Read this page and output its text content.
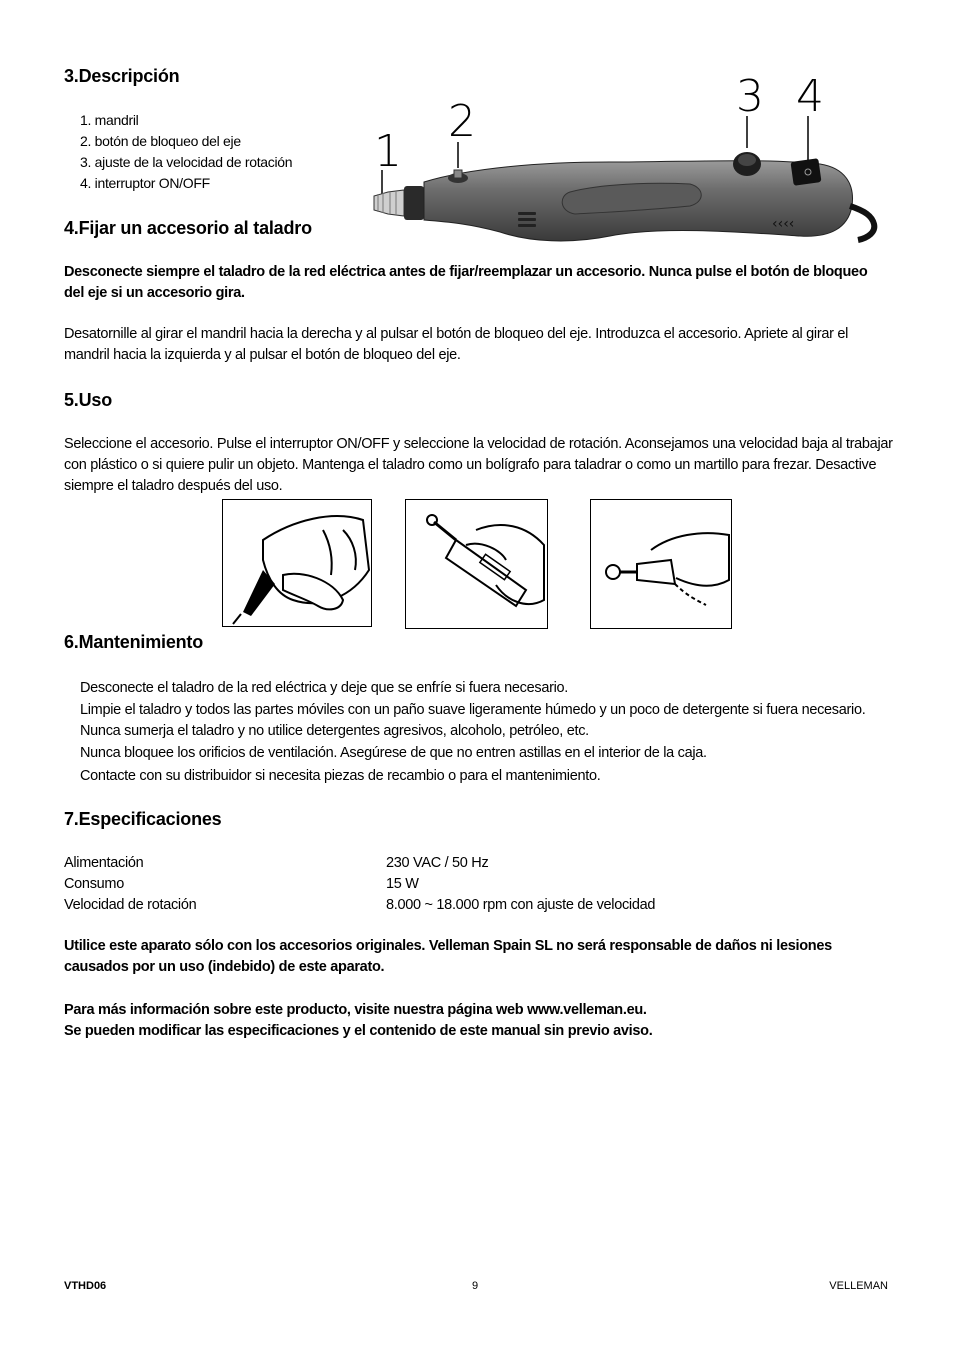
3.Descripción
1. mandril
2. botón de bloqueo del eje
3. ajuste de la velocidad de rotación
4. interruptor ON/OFF
1
2	3 4
‹‹‹‹
4.Fijar un accesorio al taladro
Desconecte siempre el taladro de la red eléctrica antes de fijar/reemplazar un accesorio. Nunca pulse el botón de bloqueo del eje si un accesorio gira.
Desatornille al girar el mandril hacia la derecha y al pulsar el botón de bloqueo del eje. Introduzca el accesorio. Apriete al girar el mandril hacia la izquierda y al pulsar el botón de bloqueo del eje.
5.Uso
Seleccione el accesorio. Pulse el interruptor ON/OFF y seleccione la velocidad de rotación. Aconsejamos una velocidad baja al trabajar con plástico o si quiere pulir un objeto. Mantenga el taladro como un bolígrafo para taladrar o como un martillo para frezar. Desactive siempre el taladro después del uso.
6.Mantenimiento
Desconecte el taladro de la red eléctrica y deje que se enfríe si fuera necesario.
Limpie el taladro y todos las partes móviles con un paño suave ligeramente húmedo y un poco de detergente si fuera necesario. Nunca sumerja el taladro y no utilice detergentes agresivos, alcoholo, petróleo, etc.
Nunca bloquee los orificios de ventilación. Asegúrese de que no entren astillas en el interior de la caja.
Contacte con su distribuidor si necesita piezas de recambio o para el mantenimiento.
7.Especificaciones
Alimentación	230 VAC / 50 Hz
Consumo	15 W
Velocidad de rotación	8.000 ~ 18.000 rpm con ajuste de velocidad
Utilice este aparato sólo con los accesorios originales. Velleman Spain SL no será responsable de daños ni lesiones causados por un uso (indebido) de este aparato.
Para más información sobre este producto, visite nuestra página web www.velleman.eu.
Se pueden modificar las especificaciones y el contenido de este manual sin previo aviso.
VTHD06	9	VELLEMAN
